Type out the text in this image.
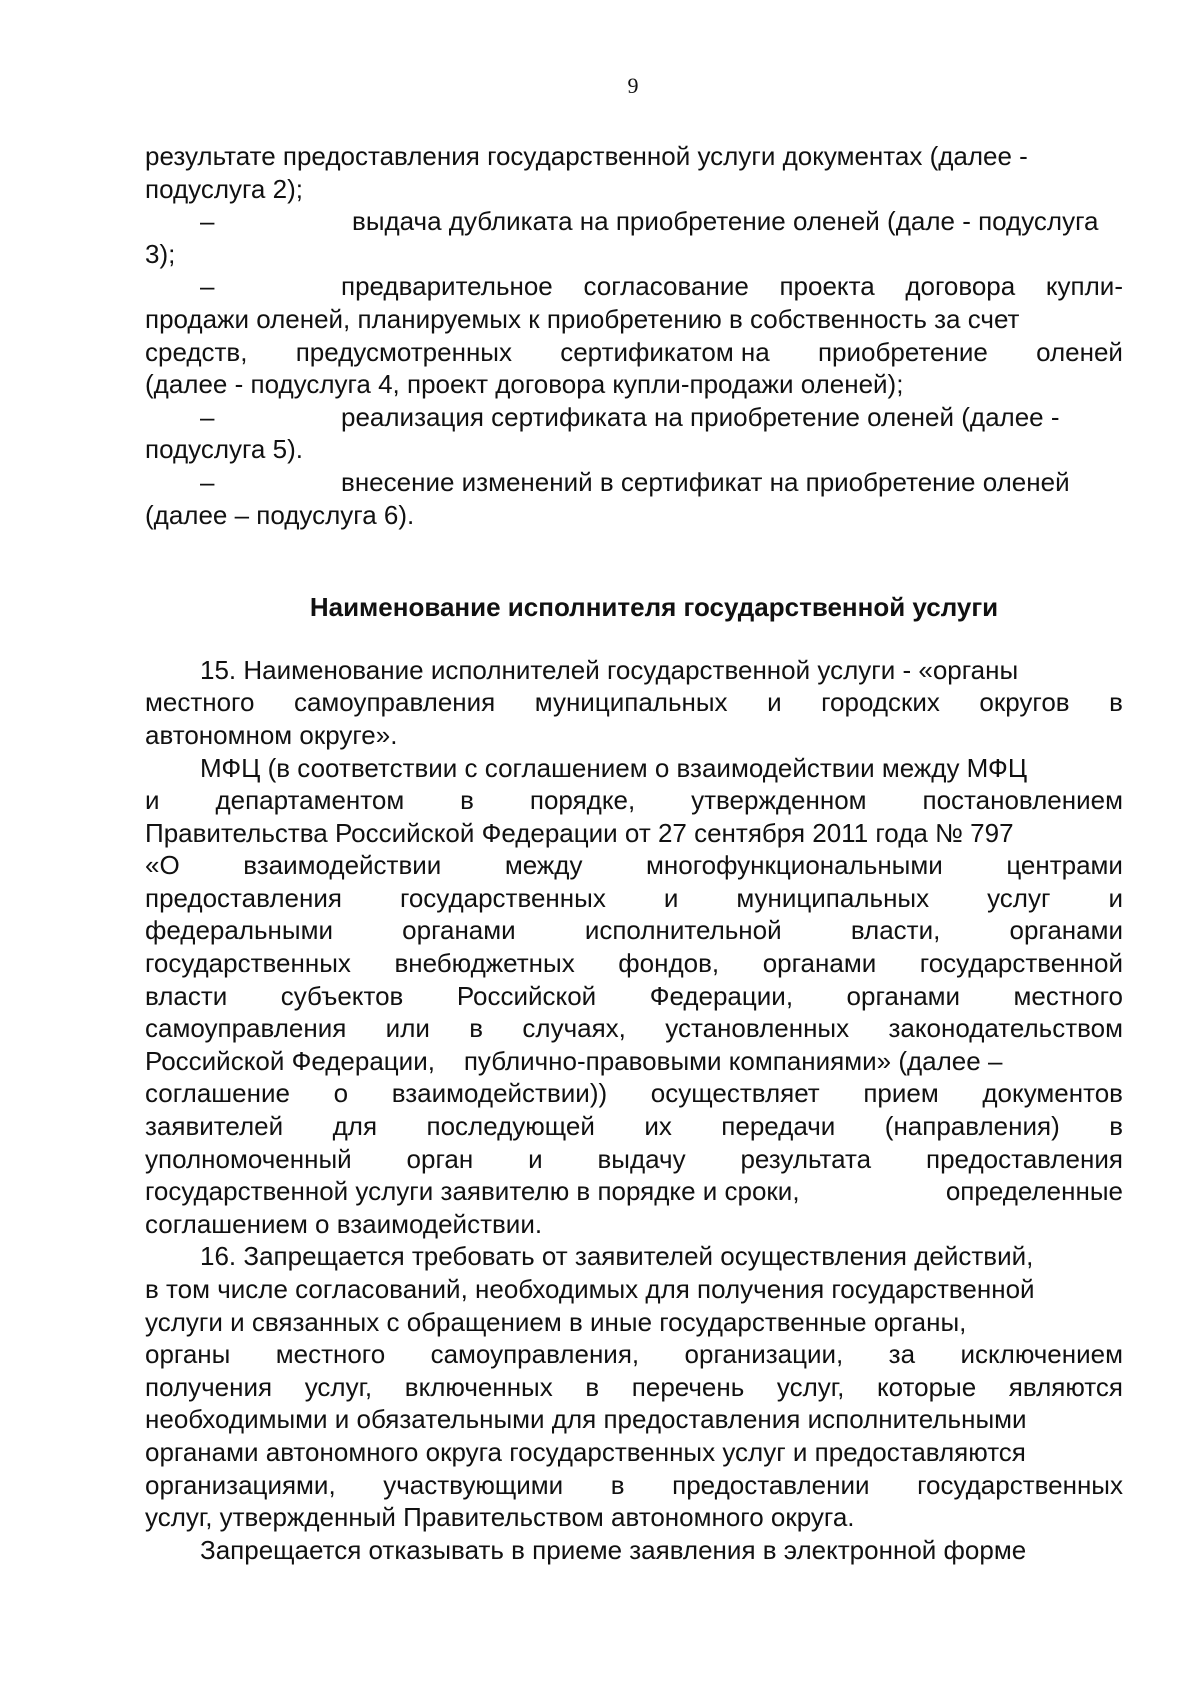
9
результате предоставления государственной услуги документах (далее -
подуслуга 2);
–	выдача дубликата на приобретение оленей (дале - подуслуга
3);
–	предварительное согласование проекта договора купли-
продажи оленей, планируемых к приобретению в собственность за счет
средств, предусмотренных сертификатом на приобретение оленей
(далее - подуслуга 4, проект договора купли-продажи оленей);
–	реализация сертификата на приобретение оленей (далее -
подуслуга 5).
–	внесение изменений в сертификат на приобретение оленей
(далее – подуслуга 6).
Наименование исполнителя государственной услуги
15. Наименование исполнителей государственной услуги - «органы
местного самоуправления муниципальных и городских округов в
автономном округе».
МФЦ (в соответствии с соглашением о взаимодействии между МФЦ
и департаментом в порядке, утвержденном постановлением
Правительства Российской Федерации от 27 сентября 2011 года № 797
«О взаимодействии между многофункциональными центрами
предоставления государственных и муниципальных услуг и
федеральными	органами	исполнительной	власти,	органами
государственных внебюджетных фондов, органами государственной
власти субъектов Российской Федерации, органами местного
самоуправления или в случаях, установленных законодательством
Российской Федерации,    публично-правовыми компаниями» (далее –
соглашение о взаимодействии)) осуществляет прием документов
заявителей для последующей их передачи (направления) в
уполномоченный орган и выдачу результата предоставления
государственной услуги заявителю в порядке и сроки,	определенные
соглашением о взаимодействии.
16. Запрещается требовать от заявителей осуществления действий,
в том числе согласований, необходимых для получения государственной
услуги и связанных с обращением в иные государственные органы,
органы местного самоуправления, организации, за исключением
получения услуг, включенных в перечень услуг, которые являются
необходимыми и обязательными для предоставления исполнительными
органами автономного округа государственных услуг и предоставляются
организациями, участвующими в предоставлении государственных
услуг, утвержденный Правительством автономного округа.
Запрещается отказывать в приеме заявления в электронной форме
